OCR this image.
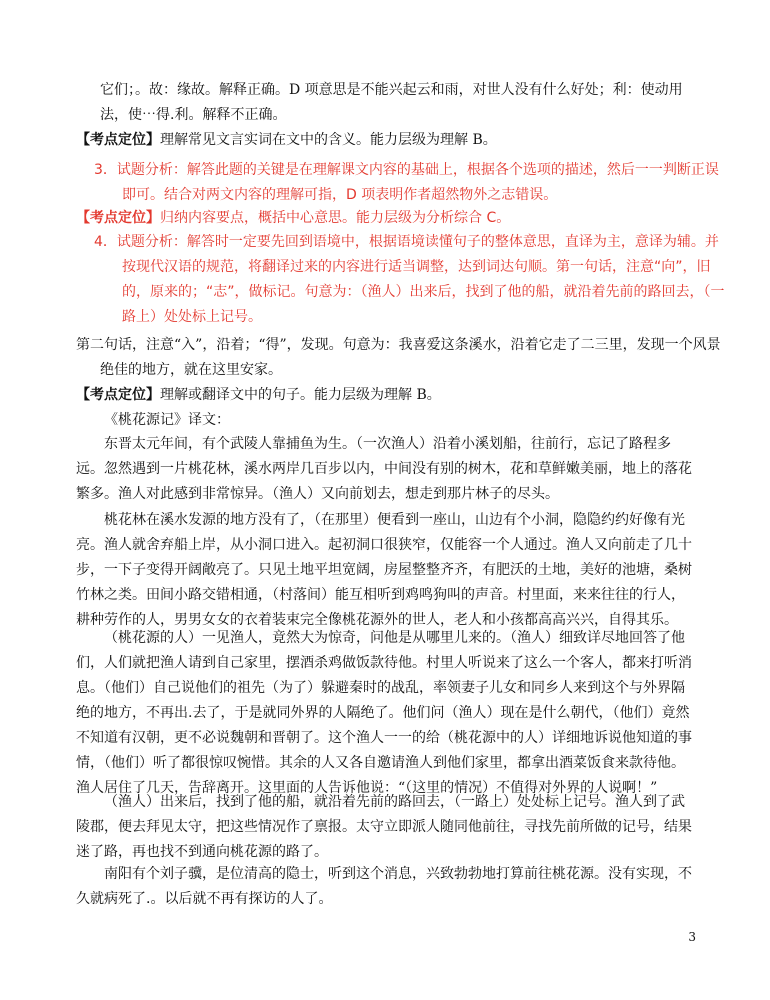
它们；。故：缘故。解释正确。D 项意思是不能兴起云和雨，对世人没有什么好处；利：使动用法，使⋯得.利。解释不正确。

【考点定位】理解常见文言实词在文中的含义。能力层级为理解 B。

3．试题分析：解答此题的关键是在理解课文内容的基础上，根据各个选项的描述，然后一一判断正误即可。结合对两文内容的理解可指，D 项表明作者超然物外之志错误。

【考点定位】归纳内容要点，概括中心意思。能力层级为分析综合 C。

4．试题分析：解答时一定要先回到语境中，根据语境读懂句子的整体意思，直译为主，意译为辅。并按现代汉语的规范，将翻译过来的内容进行适当调整，达到词达句顺。第一句话，注意“向”，旧的，原来的；“志”，做标记。句意为：（渔人）出来后，找到了他的船，就沿着先前的路回去，（一路上）处处标上记号。

第二句话，注意“入”，沿着；“得”，发现。句意为：我喜爱这条溪水，沿着它走了二三里，发现一个风景绝佳的地方，就在这里安家。

【考点定位】理解或翻译文中的句子。能力层级为理解 B。

《桃花源记》译文：

东晋太元年间，有个武陵人靠捕鱼为生。（一次渔人）沿着小溪划船，往前行，忘记了路程多远。忽然遇到一片桃花林，溪水两岸几百步以内，中间没有别的树木，花和草鲜嫩美丽，地上的落花繁多。渔人对此感到非常惊异。（渔人）又向前划去，想走到那片林子的尽头。

桃花林在溪水发源的地方没有了，（在那里）便看到一座山，山边有个小洞，隐隐约约好像有光亮。渔人就舍弃船上岸，从小洞口进入。起初洞口很狭窄，仅能容一个人通过。渔人又向前走了几十步，一下子变得开阔敞亮了。只见土地平坦宽阔，房屋整整齐齐，有肥沃的土地，美好的池塘，桑树竹林之类。田间小路交错相通，（村落间）能互相听到鸡鸣狗叫的声音。村里面，来来往往的行人，耕种劳作的人，男男女女的衣着装束完全像桃花源外的世人，老人和小孩都高高兴兴，自得其乐。

（桃花源的人）一见渔人，竟然大为惊奇，问他是从哪里儿来的。（渔人）细致详尽地回答了他们，人们就把渔人请到自己家里，摆酒杀鸡做饭款待他。村里人听说来了这么一个客人，都来打听消息。（他们）自己说他们的祖先（为了）躲避秦时的战乱，率领妻子儿女和同乡人来到这个与外界隔绝的地方，不再出.去了，于是就同外界的人隔绝了。他们问（渔人）现在是什么朝代，（他们）竟然不知道有汉朝，更不必说魏朝和晋朝了。这个渔人一一的给（桃花源中的人）详细地诉说他知道的事情，（他们）听了都很惊叹惋惜。其余的人又各自邀请渔人到他们家里，都拿出酒菜饭食来款待他。渔人居住了几天，告辞离开。这里面的人告诉他说：“（这里的情况）不值得对外界的人说啊！”

（渔人）出来后，找到了他的船，就沿着先前的路回去，（一路上）处处标上记号。渔人到了武陵郡，便去拜见太守，把这些情况作了禀报。太守立即派人随同他前往，寻找先前所做的记号，结果迷了路，再也找不到通向桃花源的路了。

南阳有个刘子骥，是位清高的隐士，听到这个消息，兴致勃勃地打算前往桃花源。没有实现，不久就病死了.。以后就不再有探访的人了。

3
